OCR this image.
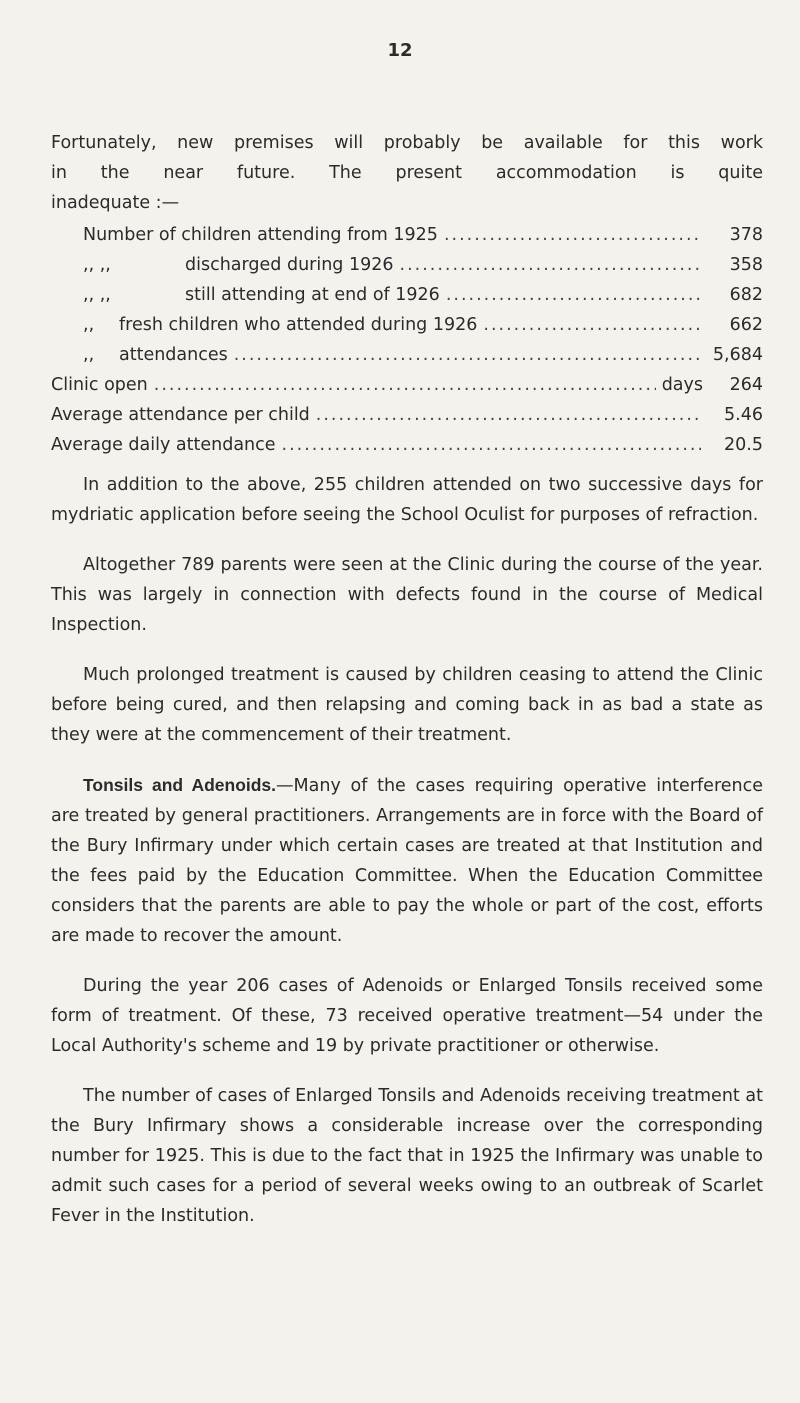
12

Fortunately, new premises will probably be available for this work
in the near future. The present accommodation is quite
inadequate :—

Number of children attending from 1925 .....	378
,, ,,	discharged during 1926 .....	358
,, ,,	still attending at end of 1926 .....	682
,,	fresh children who attended during 1926 .....	662
,,	attendances .....	5,684
Clinic open .....	days	264
Average attendance per child .....	5.46
Average daily attendance .....	20.5

In addition to the above, 255 children attended on two successive days for mydriatic application before seeing the School Oculist for purposes of refraction.

Altogether 789 parents were seen at the Clinic during the course of the year. This was largely in connection with defects found in the course of Medical Inspection.

Much prolonged treatment is caused by children ceasing to attend the Clinic before being cured, and then relapsing and coming back in as bad a state as they were at the commencement of their treatment.

Tonsils and Adenoids.—Many of the cases requiring operative interference are treated by general practitioners. Arrangements are in force with the Board of the Bury Infirmary under which certain cases are treated at that Institution and the fees paid by the Education Committee. When the Education Committee considers that the parents are able to pay the whole or part of the cost, efforts are made to recover the amount.

During the year 206 cases of Adenoids or Enlarged Tonsils received some form of treatment. Of these, 73 received operative treatment—54 under the Local Authority's scheme and 19 by private practitioner or otherwise.

The number of cases of Enlarged Tonsils and Adenoids receiving treatment at the Bury Infirmary shows a considerable increase over the corresponding number for 1925. This is due to the fact that in 1925 the Infirmary was unable to admit such cases for a period of several weeks owing to an outbreak of Scarlet Fever in the Institution.
